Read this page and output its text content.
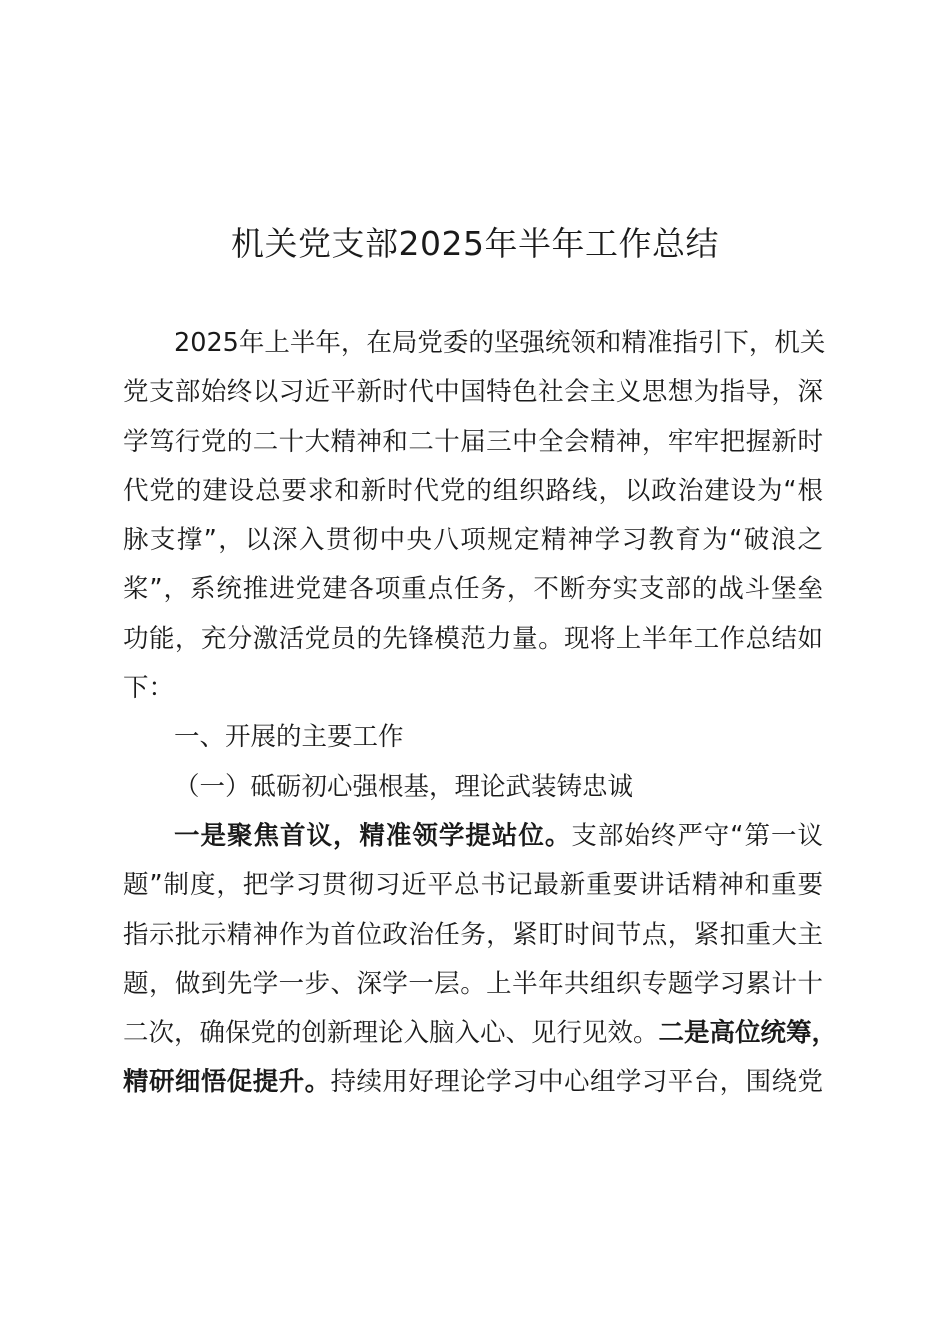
机关党支部2025年半年工作总结
2025年上半年，在局党委的坚强统领和精准指引下，机关
党支部始终以习近平新时代中国特色社会主义思想为指导，深
学笃行党的二十大精神和二十届三中全会精神，牢牢把握新时
代党的建设总要求和新时代党的组织路线，以政治建设为“根
脉支撑”，以深入贯彻中央八项规定精神学习教育为“破浪之
桨”，系统推进党建各项重点任务，不断夯实支部的战斗堡垒
功能，充分激活党员的先锋模范力量。现将上半年工作总结如
下：
一、开展的主要工作
（一）砥砺初心强根基，理论武装铸忠诚
一是聚焦首议，精准领学提站位。支部始终严守“第一议
题”制度，把学习贯彻习近平总书记最新重要讲话精神和重要
指示批示精神作为首位政治任务，紧盯时间节点，紧扣重大主
题，做到先学一步、深学一层。上半年共组织专题学习累计十
二次，确保党的创新理论入脑入心、见行见效。二是高位统筹，
精研细悟促提升。持续用好理论学习中心组学习平台，围绕党
